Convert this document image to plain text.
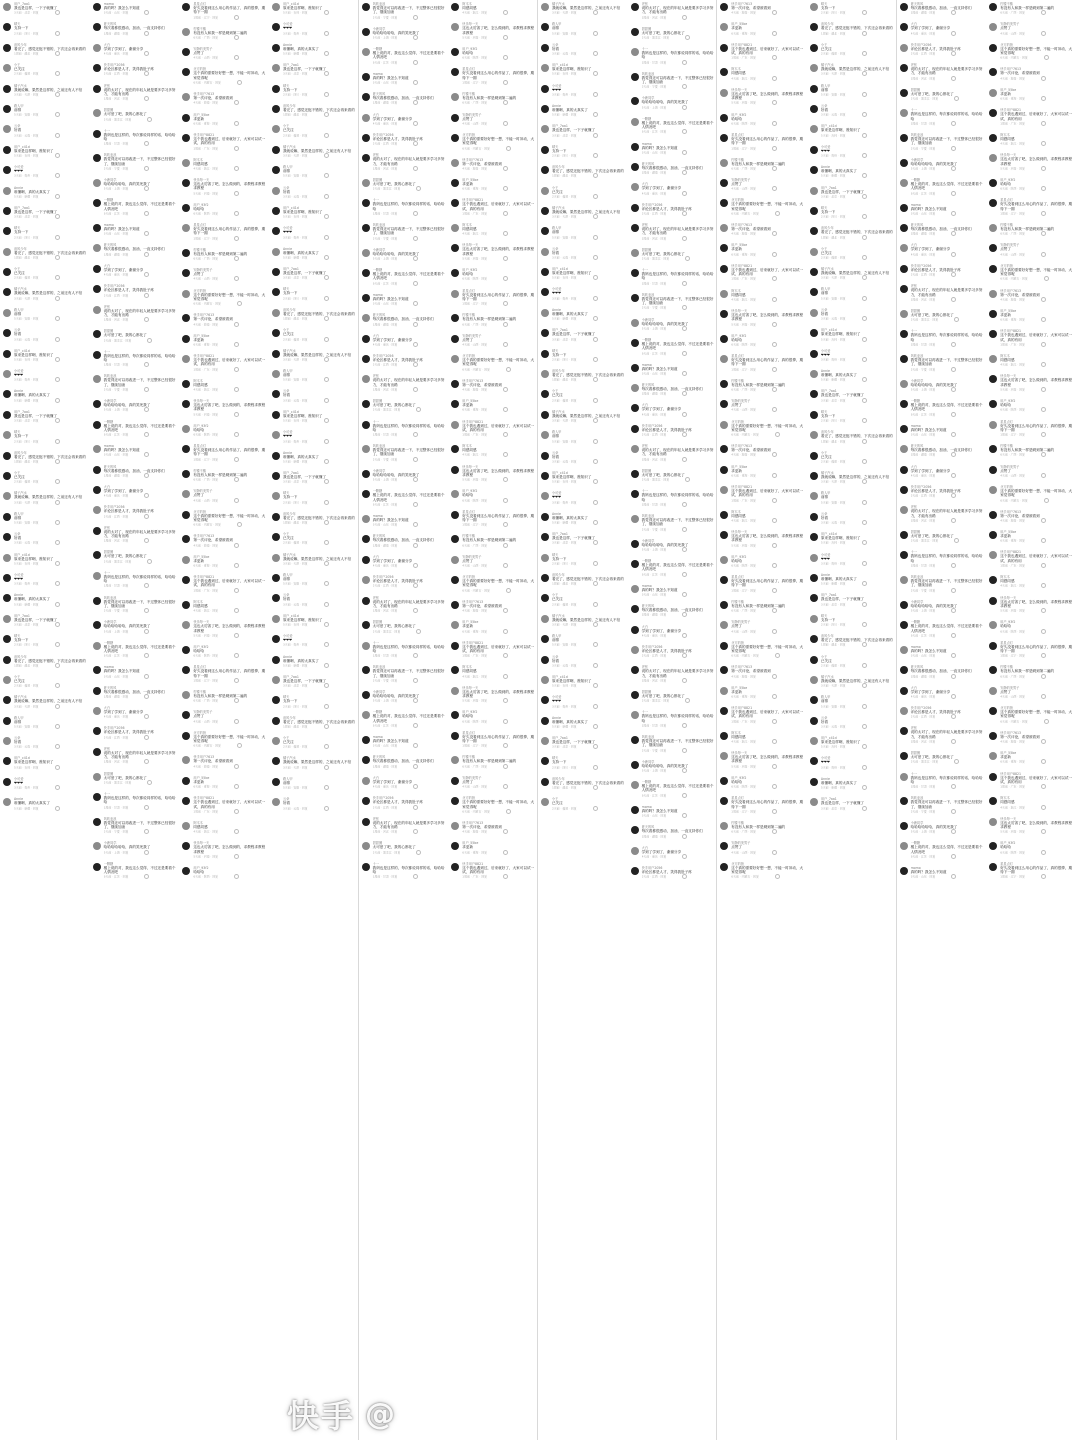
用户_7aa1
我也是这样，一下子就懂了
3天前 · 北京 · 回复
晴天
支持一下
2天前 · 四川 · 回复
追风少年
看完了，感觉还挺不错的，下次还会再来看的
1周前 · 湖北 · 回复
小王
已关注
2天前 · 福建 · 回复
橘子汽水
我就说嘛，果然是这样的，之前还有人不信
3天前 · 天津 · 回复
路人甲
前排
5天前 · 安徽 · 回复
云朵
好看
3天前 · 云南 · 回复
用户_c41d
原来是这样啊，涨知识了
5天前 · 吉林 · 回复
小可爱
❤❤❤
3天前 · 贵州 · 回复
Annie
谁懂啊，真的太真实了
5天前 · 新疆 · 回复
用户_7aa1
我也是这样，一下子就懂了
3天前 · 北京 · 回复
晴天
支持一下
2天前 · 四川 · 回复
追风少年
看完了，感觉还挺不错的，下次还会再来看的
1周前 · 湖北 · 回复
小王
已关注
2天前 · 福建 · 回复
橘子汽水
我就说嘛，果然是这样的，之前还有人不信
3天前 · 天津 · 回复
路人甲
前排
5天前 · 安徽 · 回复
云朵
好看
3天前 · 云南 · 回复
用户_c41d
原来是这样啊，涨知识了
5天前 · 吉林 · 回复
小可爱
❤❤❤
3天前 · 贵州 · 回复
Annie
谁懂啊，真的太真实了
5天前 · 新疆 · 回复
用户_7aa1
我也是这样，一下子就懂了
3天前 · 北京 · 回复
晴天
支持一下
2天前 · 四川 · 回复
追风少年
看完了，感觉还挺不错的，下次还会再来看的
1周前 · 湖北 · 回复
小王
已关注
2天前 · 福建 · 回复
橘子汽水
我就说嘛，果然是这样的，之前还有人不信
3天前 · 天津 · 回复
路人甲
前排
5天前 · 安徽 · 回复
云朵
好看
3天前 · 云南 · 回复
用户_c41d
原来是这样啊，涨知识了
5天前 · 吉林 · 回复
小可爱
❤❤❤
3天前 · 贵州 · 回复
Annie
谁懂啊，真的太真实了
5天前 · 新疆 · 回复
用户_7aa1
我也是这样，一下子就懂了
3天前 · 北京 · 回复
晴天
支持一下
2天前 · 四川 · 回复
追风少年
看完了，感觉还挺不错的，下次还会再来看的
1周前 · 湖北 · 回复
小王
已关注
2天前 · 福建 · 回复
橘子汽水
我就说嘛，果然是这样的，之前还有人不信
3天前 · 天津 · 回复
路人甲
前排
5天前 · 安徽 · 回复
云朵
好看
3天前 · 云南 · 回复
用户_c41d
原来是这样啊，涨知识了
5天前 · 吉林 · 回复
小可爱
❤❤❤
3天前 · 贵州 · 回复
Annie
谁懂啊，真的太真实了
5天前 · 新疆 · 回复
momo
真的吗？我怎么不知道
3天前 · 山东 · 回复
夏天的风
每次看都很感动，加油，一直支持你们
1周前 · 湖南 · 回复
大白
学到了学到了，谢谢分享
4天前 · 重庆 · 回复
快手用户2056
评论区都是人才，笑得我肚子疼
2天前 · 江西 · 回复
老张
说的太对了，现在的年轻人就是要多学习多努力，才能有出路
1周前 · 河北 · 回复
甜甜圈
太可爱了吧，我的心都化了
2天前 · 黑龙江 · 回复
十一
我妈也是这样的，每次都说同样的话，哈哈哈哈
1周前 · 甘肃 · 回复
风吹麦浪
我觉得还可以再改进一下，不过整体已经很好了，继续加油
2天前 · 宁夏 · 回复
小鹿同学
哈哈哈哈哈哈，真的笑死我了
5天前 · 上海 · 回复
一颗糖
楼上说的对，我也这么觉得，不过还是要看个人情况吧
6天前 · 江苏 · 回复
momo
真的吗？我怎么不知道
3天前 · 山东 · 回复
夏天的风
每次看都很感动，加油，一直支持你们
1周前 · 湖南 · 回复
大白
学到了学到了，谢谢分享
4天前 · 重庆 · 回复
快手用户2056
评论区都是人才，笑得我肚子疼
2天前 · 江西 · 回复
老张
说的太对了，现在的年轻人就是要多学习多努力，才能有出路
1周前 · 河北 · 回复
甜甜圈
太可爱了吧，我的心都化了
2天前 · 黑龙江 · 回复
十一
我妈也是这样的，每次都说同样的话，哈哈哈哈
1周前 · 甘肃 · 回复
风吹麦浪
我觉得还可以再改进一下，不过整体已经很好了，继续加油
2天前 · 宁夏 · 回复
小鹿同学
哈哈哈哈哈哈，真的笑死我了
5天前 · 上海 · 回复
一颗糖
楼上说的对，我也这么觉得，不过还是要看个人情况吧
6天前 · 江苏 · 回复
momo
真的吗？我怎么不知道
3天前 · 山东 · 回复
夏天的风
每次看都很感动，加油，一直支持你们
1周前 · 湖南 · 回复
大白
学到了学到了，谢谢分享
4天前 · 重庆 · 回复
快手用户2056
评论区都是人才，笑得我肚子疼
2天前 · 江西 · 回复
老张
说的太对了，现在的年轻人就是要多学习多努力，才能有出路
1周前 · 河北 · 回复
甜甜圈
太可爱了吧，我的心都化了
2天前 · 黑龙江 · 回复
十一
我妈也是这样的，每次都说同样的话，哈哈哈哈
1周前 · 甘肃 · 回复
风吹麦浪
我觉得还可以再改进一下，不过整体已经很好了，继续加油
2天前 · 宁夏 · 回复
小鹿同学
哈哈哈哈哈哈，真的笑死我了
5天前 · 上海 · 回复
一颗糖
楼上说的对，我也这么觉得，不过还是要看个人情况吧
6天前 · 江苏 · 回复
momo
真的吗？我怎么不知道
3天前 · 山东 · 回复
夏天的风
每次看都很感动，加油，一直支持你们
1周前 · 湖南 · 回复
大白
学到了学到了，谢谢分享
4天前 · 重庆 · 回复
快手用户2056
评论区都是人才，笑得我肚子疼
2天前 · 江西 · 回复
老张
说的太对了，现在的年轻人就是要多学习多努力，才能有出路
1周前 · 河北 · 回复
甜甜圈
太可爱了吧，我的心都化了
2天前 · 黑龙江 · 回复
十一
我妈也是这样的，每次都说同样的话，哈哈哈哈
1周前 · 甘肃 · 回复
风吹麦浪
我觉得还可以再改进一下，不过整体已经很好了，继续加油
2天前 · 宁夏 · 回复
小鹿同学
哈哈哈哈哈哈，真的笑死我了
5天前 · 上海 · 回复
一颗糖
楼上说的对，我也这么觉得，不过还是要看个人情况吧
6天前 · 江苏 · 回复
星星点灯
好久没看到这么用心的作品了，真的很棒，期待下一期
1周前 · 辽宁 · 回复
柠檬不酸
有没有人和我一样是刷到第二遍的
6天前 · 广西 · 回复
安静的美男子
点赞了
4天前 · 山西 · 回复
北方的狼
这个真的需要好好想一想，不能一时冲动，大家觉得呢
6天前 · 内蒙古 · 回复
快手用户7613
第一次评论，希望被看到
4天前 · 海南 · 回复
用户_55be
求更新
6天前 · 青海 · 回复
快手用户8821
这个我也遇到过，后来就好了，大家可以试一试，真的有用
1周前 · 广东 · 回复
阿木木
同感同感
4天前 · 浙江 · 回复
快乐每一天
这也太厉害了吧，怎么做到的，求教程求教程求教程
5天前 · 河南 · 回复
用户_93f2
哈哈哈
6天前 · 陕西 · 回复
星星点灯
好久没看到这么用心的作品了，真的很棒，期待下一期
1周前 · 辽宁 · 回复
柠檬不酸
有没有人和我一样是刷到第二遍的
6天前 · 广西 · 回复
安静的美男子
点赞了
4天前 · 山西 · 回复
北方的狼
这个真的需要好好想一想，不能一时冲动，大家觉得呢
6天前 · 内蒙古 · 回复
快手用户7613
第一次评论，希望被看到
4天前 · 海南 · 回复
用户_55be
求更新
6天前 · 青海 · 回复
快手用户8821
这个我也遇到过，后来就好了，大家可以试一试，真的有用
1周前 · 广东 · 回复
阿木木
同感同感
4天前 · 浙江 · 回复
快乐每一天
这也太厉害了吧，怎么做到的，求教程求教程求教程
5天前 · 河南 · 回复
用户_93f2
哈哈哈
6天前 · 陕西 · 回复
星星点灯
好久没看到这么用心的作品了，真的很棒，期待下一期
1周前 · 辽宁 · 回复
柠檬不酸
有没有人和我一样是刷到第二遍的
6天前 · 广西 · 回复
安静的美男子
点赞了
4天前 · 山西 · 回复
北方的狼
这个真的需要好好想一想，不能一时冲动，大家觉得呢
6天前 · 内蒙古 · 回复
快手用户7613
第一次评论，希望被看到
4天前 · 海南 · 回复
用户_55be
求更新
6天前 · 青海 · 回复
快手用户8821
这个我也遇到过，后来就好了，大家可以试一试，真的有用
1周前 · 广东 · 回复
阿木木
同感同感
4天前 · 浙江 · 回复
快乐每一天
这也太厉害了吧，怎么做到的，求教程求教程求教程
5天前 · 河南 · 回复
用户_93f2
哈哈哈
6天前 · 陕西 · 回复
星星点灯
好久没看到这么用心的作品了，真的很棒，期待下一期
1周前 · 辽宁 · 回复
柠檬不酸
有没有人和我一样是刷到第二遍的
6天前 · 广西 · 回复
安静的美男子
点赞了
4天前 · 山西 · 回复
北方的狼
这个真的需要好好想一想，不能一时冲动，大家觉得呢
6天前 · 内蒙古 · 回复
快手用户7613
第一次评论，希望被看到
4天前 · 海南 · 回复
用户_55be
求更新
6天前 · 青海 · 回复
快手用户8821
这个我也遇到过，后来就好了，大家可以试一试，真的有用
1周前 · 广东 · 回复
阿木木
同感同感
4天前 · 浙江 · 回复
快乐每一天
这也太厉害了吧，怎么做到的，求教程求教程求教程
5天前 · 河南 · 回复
用户_93f2
哈哈哈
6天前 · 陕西 · 回复
用户_c41d
原来是这样啊，涨知识了
5天前 · 吉林 · 回复
小可爱
❤❤❤
3天前 · 贵州 · 回复
Annie
谁懂啊，真的太真实了
5天前 · 新疆 · 回复
用户_7aa1
我也是这样，一下子就懂了
3天前 · 北京 · 回复
晴天
支持一下
2天前 · 四川 · 回复
追风少年
看完了，感觉还挺不错的，下次还会再来看的
1周前 · 湖北 · 回复
小王
已关注
2天前 · 福建 · 回复
橘子汽水
我就说嘛，果然是这样的，之前还有人不信
3天前 · 天津 · 回复
路人甲
前排
5天前 · 安徽 · 回复
云朵
好看
3天前 · 云南 · 回复
用户_c41d
原来是这样啊，涨知识了
5天前 · 吉林 · 回复
小可爱
❤❤❤
3天前 · 贵州 · 回复
Annie
谁懂啊，真的太真实了
5天前 · 新疆 · 回复
用户_7aa1
我也是这样，一下子就懂了
3天前 · 北京 · 回复
晴天
支持一下
2天前 · 四川 · 回复
追风少年
看完了，感觉还挺不错的，下次还会再来看的
1周前 · 湖北 · 回复
小王
已关注
2天前 · 福建 · 回复
橘子汽水
我就说嘛，果然是这样的，之前还有人不信
3天前 · 天津 · 回复
路人甲
前排
5天前 · 安徽 · 回复
云朵
好看
3天前 · 云南 · 回复
用户_c41d
原来是这样啊，涨知识了
5天前 · 吉林 · 回复
小可爱
❤❤❤
3天前 · 贵州 · 回复
Annie
谁懂啊，真的太真实了
5天前 · 新疆 · 回复
用户_7aa1
我也是这样，一下子就懂了
3天前 · 北京 · 回复
晴天
支持一下
2天前 · 四川 · 回复
追风少年
看完了，感觉还挺不错的，下次还会再来看的
1周前 · 湖北 · 回复
小王
已关注
2天前 · 福建 · 回复
橘子汽水
我就说嘛，果然是这样的，之前还有人不信
3天前 · 天津 · 回复
路人甲
前排
5天前 · 安徽 · 回复
云朵
好看
3天前 · 云南 · 回复
用户_c41d
原来是这样啊，涨知识了
5天前 · 吉林 · 回复
小可爱
❤❤❤
3天前 · 贵州 · 回复
Annie
谁懂啊，真的太真实了
5天前 · 新疆 · 回复
用户_7aa1
我也是这样，一下子就懂了
3天前 · 北京 · 回复
晴天
支持一下
2天前 · 四川 · 回复
追风少年
看完了，感觉还挺不错的，下次还会再来看的
1周前 · 湖北 · 回复
小王
已关注
2天前 · 福建 · 回复
橘子汽水
我就说嘛，果然是这样的，之前还有人不信
3天前 · 天津 · 回复
路人甲
前排
5天前 · 安徽 · 回复
云朵
好看
3天前 · 云南 · 回复
风吹麦浪
我觉得还可以再改进一下，不过整体已经很好了，继续加油
2天前 · 宁夏 · 回复
小鹿同学
哈哈哈哈哈哈，真的笑死我了
5天前 · 上海 · 回复
一颗糖
楼上说的对，我也这么觉得，不过还是要看个人情况吧
6天前 · 江苏 · 回复
momo
真的吗？我怎么不知道
3天前 · 山东 · 回复
夏天的风
每次看都很感动，加油，一直支持你们
1周前 · 湖南 · 回复
大白
学到了学到了，谢谢分享
4天前 · 重庆 · 回复
快手用户2056
评论区都是人才，笑得我肚子疼
2天前 · 江西 · 回复
老张
说的太对了，现在的年轻人就是要多学习多努力，才能有出路
1周前 · 河北 · 回复
甜甜圈
太可爱了吧，我的心都化了
2天前 · 黑龙江 · 回复
十一
我妈也是这样的，每次都说同样的话，哈哈哈哈
1周前 · 甘肃 · 回复
风吹麦浪
我觉得还可以再改进一下，不过整体已经很好了，继续加油
2天前 · 宁夏 · 回复
小鹿同学
哈哈哈哈哈哈，真的笑死我了
5天前 · 上海 · 回复
一颗糖
楼上说的对，我也这么觉得，不过还是要看个人情况吧
6天前 · 江苏 · 回复
momo
真的吗？我怎么不知道
3天前 · 山东 · 回复
夏天的风
每次看都很感动，加油，一直支持你们
1周前 · 湖南 · 回复
大白
学到了学到了，谢谢分享
4天前 · 重庆 · 回复
快手用户2056
评论区都是人才，笑得我肚子疼
2天前 · 江西 · 回复
老张
说的太对了，现在的年轻人就是要多学习多努力，才能有出路
1周前 · 河北 · 回复
甜甜圈
太可爱了吧，我的心都化了
2天前 · 黑龙江 · 回复
十一
我妈也是这样的，每次都说同样的话，哈哈哈哈
1周前 · 甘肃 · 回复
风吹麦浪
我觉得还可以再改进一下，不过整体已经很好了，继续加油
2天前 · 宁夏 · 回复
小鹿同学
哈哈哈哈哈哈，真的笑死我了
5天前 · 上海 · 回复
一颗糖
楼上说的对，我也这么觉得，不过还是要看个人情况吧
6天前 · 江苏 · 回复
momo
真的吗？我怎么不知道
3天前 · 山东 · 回复
夏天的风
每次看都很感动，加油，一直支持你们
1周前 · 湖南 · 回复
大白
学到了学到了，谢谢分享
4天前 · 重庆 · 回复
快手用户2056
评论区都是人才，笑得我肚子疼
2天前 · 江西 · 回复
老张
说的太对了，现在的年轻人就是要多学习多努力，才能有出路
1周前 · 河北 · 回复
甜甜圈
太可爱了吧，我的心都化了
2天前 · 黑龙江 · 回复
十一
我妈也是这样的，每次都说同样的话，哈哈哈哈
1周前 · 甘肃 · 回复
风吹麦浪
我觉得还可以再改进一下，不过整体已经很好了，继续加油
2天前 · 宁夏 · 回复
小鹿同学
哈哈哈哈哈哈，真的笑死我了
5天前 · 上海 · 回复
一颗糖
楼上说的对，我也这么觉得，不过还是要看个人情况吧
6天前 · 江苏 · 回复
momo
真的吗？我怎么不知道
3天前 · 山东 · 回复
夏天的风
每次看都很感动，加油，一直支持你们
1周前 · 湖南 · 回复
大白
学到了学到了，谢谢分享
4天前 · 重庆 · 回复
快手用户2056
评论区都是人才，笑得我肚子疼
2天前 · 江西 · 回复
老张
说的太对了，现在的年轻人就是要多学习多努力，才能有出路
1周前 · 河北 · 回复
甜甜圈
太可爱了吧，我的心都化了
2天前 · 黑龙江 · 回复
十一
我妈也是这样的，每次都说同样的话，哈哈哈哈
1周前 · 甘肃 · 回复
阿木木
同感同感
4天前 · 浙江 · 回复
快乐每一天
这也太厉害了吧，怎么做到的，求教程求教程求教程
5天前 · 河南 · 回复
用户_93f2
哈哈哈
6天前 · 陕西 · 回复
星星点灯
好久没看到这么用心的作品了，真的很棒，期待下一期
1周前 · 辽宁 · 回复
柠檬不酸
有没有人和我一样是刷到第二遍的
6天前 · 广西 · 回复
安静的美男子
点赞了
4天前 · 山西 · 回复
北方的狼
这个真的需要好好想一想，不能一时冲动，大家觉得呢
6天前 · 内蒙古 · 回复
快手用户7613
第一次评论，希望被看到
4天前 · 海南 · 回复
用户_55be
求更新
6天前 · 青海 · 回复
快手用户8821
这个我也遇到过，后来就好了，大家可以试一试，真的有用
1周前 · 广东 · 回复
阿木木
同感同感
4天前 · 浙江 · 回复
快乐每一天
这也太厉害了吧，怎么做到的，求教程求教程求教程
5天前 · 河南 · 回复
用户_93f2
哈哈哈
6天前 · 陕西 · 回复
星星点灯
好久没看到这么用心的作品了，真的很棒，期待下一期
1周前 · 辽宁 · 回复
柠檬不酸
有没有人和我一样是刷到第二遍的
6天前 · 广西 · 回复
安静的美男子
点赞了
4天前 · 山西 · 回复
北方的狼
这个真的需要好好想一想，不能一时冲动，大家觉得呢
6天前 · 内蒙古 · 回复
快手用户7613
第一次评论，希望被看到
4天前 · 海南 · 回复
用户_55be
求更新
6天前 · 青海 · 回复
快手用户8821
这个我也遇到过，后来就好了，大家可以试一试，真的有用
1周前 · 广东 · 回复
阿木木
同感同感
4天前 · 浙江 · 回复
快乐每一天
这也太厉害了吧，怎么做到的，求教程求教程求教程
5天前 · 河南 · 回复
用户_93f2
哈哈哈
6天前 · 陕西 · 回复
星星点灯
好久没看到这么用心的作品了，真的很棒，期待下一期
1周前 · 辽宁 · 回复
柠檬不酸
有没有人和我一样是刷到第二遍的
6天前 · 广西 · 回复
安静的美男子
点赞了
4天前 · 山西 · 回复
北方的狼
这个真的需要好好想一想，不能一时冲动，大家觉得呢
6天前 · 内蒙古 · 回复
快手用户7613
第一次评论，希望被看到
4天前 · 海南 · 回复
用户_55be
求更新
6天前 · 青海 · 回复
快手用户8821
这个我也遇到过，后来就好了，大家可以试一试，真的有用
1周前 · 广东 · 回复
阿木木
同感同感
4天前 · 浙江 · 回复
快乐每一天
这也太厉害了吧，怎么做到的，求教程求教程求教程
5天前 · 河南 · 回复
用户_93f2
哈哈哈
6天前 · 陕西 · 回复
星星点灯
好久没看到这么用心的作品了，真的很棒，期待下一期
1周前 · 辽宁 · 回复
柠檬不酸
有没有人和我一样是刷到第二遍的
6天前 · 广西 · 回复
安静的美男子
点赞了
4天前 · 山西 · 回复
北方的狼
这个真的需要好好想一想，不能一时冲动，大家觉得呢
6天前 · 内蒙古 · 回复
快手用户7613
第一次评论，希望被看到
4天前 · 海南 · 回复
用户_55be
求更新
6天前 · 青海 · 回复
快手用户8821
这个我也遇到过，后来就好了，大家可以试一试，真的有用
1周前 · 广东 · 回复
橘子汽水
我就说嘛，果然是这样的，之前还有人不信
3天前 · 天津 · 回复
路人甲
前排
5天前 · 安徽 · 回复
云朵
好看
3天前 · 云南 · 回复
用户_c41d
原来是这样啊，涨知识了
5天前 · 吉林 · 回复
小可爱
❤❤❤
3天前 · 贵州 · 回复
Annie
谁懂啊，真的太真实了
5天前 · 新疆 · 回复
用户_7aa1
我也是这样，一下子就懂了
3天前 · 北京 · 回复
晴天
支持一下
2天前 · 四川 · 回复
追风少年
看完了，感觉还挺不错的，下次还会再来看的
1周前 · 湖北 · 回复
小王
已关注
2天前 · 福建 · 回复
橘子汽水
我就说嘛，果然是这样的，之前还有人不信
3天前 · 天津 · 回复
路人甲
前排
5天前 · 安徽 · 回复
云朵
好看
3天前 · 云南 · 回复
用户_c41d
原来是这样啊，涨知识了
5天前 · 吉林 · 回复
小可爱
❤❤❤
3天前 · 贵州 · 回复
Annie
谁懂啊，真的太真实了
5天前 · 新疆 · 回复
用户_7aa1
我也是这样，一下子就懂了
3天前 · 北京 · 回复
晴天
支持一下
2天前 · 四川 · 回复
追风少年
看完了，感觉还挺不错的，下次还会再来看的
1周前 · 湖北 · 回复
小王
已关注
2天前 · 福建 · 回复
橘子汽水
我就说嘛，果然是这样的，之前还有人不信
3天前 · 天津 · 回复
路人甲
前排
5天前 · 安徽 · 回复
云朵
好看
3天前 · 云南 · 回复
用户_c41d
原来是这样啊，涨知识了
5天前 · 吉林 · 回复
小可爱
❤❤❤
3天前 · 贵州 · 回复
Annie
谁懂啊，真的太真实了
5天前 · 新疆 · 回复
用户_7aa1
我也是这样，一下子就懂了
3天前 · 北京 · 回复
晴天
支持一下
2天前 · 四川 · 回复
追风少年
看完了，感觉还挺不错的，下次还会再来看的
1周前 · 湖北 · 回复
小王
已关注
2天前 · 福建 · 回复
橘子汽水
我就说嘛，果然是这样的，之前还有人不信
3天前 · 天津 · 回复
路人甲
前排
5天前 · 安徽 · 回复
云朵
好看
3天前 · 云南 · 回复
用户_c41d
原来是这样啊，涨知识了
5天前 · 吉林 · 回复
小可爱
❤❤❤
3天前 · 贵州 · 回复
Annie
谁懂啊，真的太真实了
5天前 · 新疆 · 回复
用户_7aa1
我也是这样，一下子就懂了
3天前 · 北京 · 回复
晴天
支持一下
2天前 · 四川 · 回复
追风少年
看完了，感觉还挺不错的，下次还会再来看的
1周前 · 湖北 · 回复
小王
已关注
2天前 · 福建 · 回复
老张
说的太对了，现在的年轻人就是要多学习多努力，才能有出路
1周前 · 河北 · 回复
甜甜圈
太可爱了吧，我的心都化了
2天前 · 黑龙江 · 回复
十一
我妈也是这样的，每次都说同样的话，哈哈哈哈
1周前 · 甘肃 · 回复
风吹麦浪
我觉得还可以再改进一下，不过整体已经很好了，继续加油
2天前 · 宁夏 · 回复
小鹿同学
哈哈哈哈哈哈，真的笑死我了
5天前 · 上海 · 回复
一颗糖
楼上说的对，我也这么觉得，不过还是要看个人情况吧
6天前 · 江苏 · 回复
momo
真的吗？我怎么不知道
3天前 · 山东 · 回复
夏天的风
每次看都很感动，加油，一直支持你们
1周前 · 湖南 · 回复
大白
学到了学到了，谢谢分享
4天前 · 重庆 · 回复
快手用户2056
评论区都是人才，笑得我肚子疼
2天前 · 江西 · 回复
老张
说的太对了，现在的年轻人就是要多学习多努力，才能有出路
1周前 · 河北 · 回复
甜甜圈
太可爱了吧，我的心都化了
2天前 · 黑龙江 · 回复
十一
我妈也是这样的，每次都说同样的话，哈哈哈哈
1周前 · 甘肃 · 回复
风吹麦浪
我觉得还可以再改进一下，不过整体已经很好了，继续加油
2天前 · 宁夏 · 回复
小鹿同学
哈哈哈哈哈哈，真的笑死我了
5天前 · 上海 · 回复
一颗糖
楼上说的对，我也这么觉得，不过还是要看个人情况吧
6天前 · 江苏 · 回复
momo
真的吗？我怎么不知道
3天前 · 山东 · 回复
夏天的风
每次看都很感动，加油，一直支持你们
1周前 · 湖南 · 回复
大白
学到了学到了，谢谢分享
4天前 · 重庆 · 回复
快手用户2056
评论区都是人才，笑得我肚子疼
2天前 · 江西 · 回复
老张
说的太对了，现在的年轻人就是要多学习多努力，才能有出路
1周前 · 河北 · 回复
甜甜圈
太可爱了吧，我的心都化了
2天前 · 黑龙江 · 回复
十一
我妈也是这样的，每次都说同样的话，哈哈哈哈
1周前 · 甘肃 · 回复
风吹麦浪
我觉得还可以再改进一下，不过整体已经很好了，继续加油
2天前 · 宁夏 · 回复
小鹿同学
哈哈哈哈哈哈，真的笑死我了
5天前 · 上海 · 回复
一颗糖
楼上说的对，我也这么觉得，不过还是要看个人情况吧
6天前 · 江苏 · 回复
momo
真的吗？我怎么不知道
3天前 · 山东 · 回复
夏天的风
每次看都很感动，加油，一直支持你们
1周前 · 湖南 · 回复
大白
学到了学到了，谢谢分享
4天前 · 重庆 · 回复
快手用户2056
评论区都是人才，笑得我肚子疼
2天前 · 江西 · 回复
老张
说的太对了，现在的年轻人就是要多学习多努力，才能有出路
1周前 · 河北 · 回复
甜甜圈
太可爱了吧，我的心都化了
2天前 · 黑龙江 · 回复
十一
我妈也是这样的，每次都说同样的话，哈哈哈哈
1周前 · 甘肃 · 回复
风吹麦浪
我觉得还可以再改进一下，不过整体已经很好了，继续加油
2天前 · 宁夏 · 回复
小鹿同学
哈哈哈哈哈哈，真的笑死我了
5天前 · 上海 · 回复
一颗糖
楼上说的对，我也这么觉得，不过还是要看个人情况吧
6天前 · 江苏 · 回复
momo
真的吗？我怎么不知道
3天前 · 山东 · 回复
夏天的风
每次看都很感动，加油，一直支持你们
1周前 · 湖南 · 回复
大白
学到了学到了，谢谢分享
4天前 · 重庆 · 回复
快手用户2056
评论区都是人才，笑得我肚子疼
2天前 · 江西 · 回复
快手用户7613
第一次评论，希望被看到
4天前 · 海南 · 回复
用户_55be
求更新
6天前 · 青海 · 回复
快手用户8821
这个我也遇到过，后来就好了，大家可以试一试，真的有用
1周前 · 广东 · 回复
阿木木
同感同感
4天前 · 浙江 · 回复
快乐每一天
这也太厉害了吧，怎么做到的，求教程求教程求教程
5天前 · 河南 · 回复
用户_93f2
哈哈哈
6天前 · 陕西 · 回复
星星点灯
好久没看到这么用心的作品了，真的很棒，期待下一期
1周前 · 辽宁 · 回复
柠檬不酸
有没有人和我一样是刷到第二遍的
6天前 · 广西 · 回复
安静的美男子
点赞了
4天前 · 山西 · 回复
北方的狼
这个真的需要好好想一想，不能一时冲动，大家觉得呢
6天前 · 内蒙古 · 回复
快手用户7613
第一次评论，希望被看到
4天前 · 海南 · 回复
用户_55be
求更新
6天前 · 青海 · 回复
快手用户8821
这个我也遇到过，后来就好了，大家可以试一试，真的有用
1周前 · 广东 · 回复
阿木木
同感同感
4天前 · 浙江 · 回复
快乐每一天
这也太厉害了吧，怎么做到的，求教程求教程求教程
5天前 · 河南 · 回复
用户_93f2
哈哈哈
6天前 · 陕西 · 回复
星星点灯
好久没看到这么用心的作品了，真的很棒，期待下一期
1周前 · 辽宁 · 回复
柠檬不酸
有没有人和我一样是刷到第二遍的
6天前 · 广西 · 回复
安静的美男子
点赞了
4天前 · 山西 · 回复
北方的狼
这个真的需要好好想一想，不能一时冲动，大家觉得呢
6天前 · 内蒙古 · 回复
快手用户7613
第一次评论，希望被看到
4天前 · 海南 · 回复
用户_55be
求更新
6天前 · 青海 · 回复
快手用户8821
这个我也遇到过，后来就好了，大家可以试一试，真的有用
1周前 · 广东 · 回复
阿木木
同感同感
4天前 · 浙江 · 回复
快乐每一天
这也太厉害了吧，怎么做到的，求教程求教程求教程
5天前 · 河南 · 回复
用户_93f2
哈哈哈
6天前 · 陕西 · 回复
星星点灯
好久没看到这么用心的作品了，真的很棒，期待下一期
1周前 · 辽宁 · 回复
柠檬不酸
有没有人和我一样是刷到第二遍的
6天前 · 广西 · 回复
安静的美男子
点赞了
4天前 · 山西 · 回复
北方的狼
这个真的需要好好想一想，不能一时冲动，大家觉得呢
6天前 · 内蒙古 · 回复
快手用户7613
第一次评论，希望被看到
4天前 · 海南 · 回复
用户_55be
求更新
6天前 · 青海 · 回复
快手用户8821
这个我也遇到过，后来就好了，大家可以试一试，真的有用
1周前 · 广东 · 回复
阿木木
同感同感
4天前 · 浙江 · 回复
快乐每一天
这也太厉害了吧，怎么做到的，求教程求教程求教程
5天前 · 河南 · 回复
用户_93f2
哈哈哈
6天前 · 陕西 · 回复
星星点灯
好久没看到这么用心的作品了，真的很棒，期待下一期
1周前 · 辽宁 · 回复
柠檬不酸
有没有人和我一样是刷到第二遍的
6天前 · 广西 · 回复
安静的美男子
点赞了
4天前 · 山西 · 回复
北方的狼
这个真的需要好好想一想，不能一时冲动，大家觉得呢
6天前 · 内蒙古 · 回复
晴天
支持一下
2天前 · 四川 · 回复
追风少年
看完了，感觉还挺不错的，下次还会再来看的
1周前 · 湖北 · 回复
小王
已关注
2天前 · 福建 · 回复
橘子汽水
我就说嘛，果然是这样的，之前还有人不信
3天前 · 天津 · 回复
路人甲
前排
5天前 · 安徽 · 回复
云朵
好看
3天前 · 云南 · 回复
用户_c41d
原来是这样啊，涨知识了
5天前 · 吉林 · 回复
小可爱
❤❤❤
3天前 · 贵州 · 回复
Annie
谁懂啊，真的太真实了
5天前 · 新疆 · 回复
用户_7aa1
我也是这样，一下子就懂了
3天前 · 北京 · 回复
晴天
支持一下
2天前 · 四川 · 回复
追风少年
看完了，感觉还挺不错的，下次还会再来看的
1周前 · 湖北 · 回复
小王
已关注
2天前 · 福建 · 回复
橘子汽水
我就说嘛，果然是这样的，之前还有人不信
3天前 · 天津 · 回复
路人甲
前排
5天前 · 安徽 · 回复
云朵
好看
3天前 · 云南 · 回复
用户_c41d
原来是这样啊，涨知识了
5天前 · 吉林 · 回复
小可爱
❤❤❤
3天前 · 贵州 · 回复
Annie
谁懂啊，真的太真实了
5天前 · 新疆 · 回复
用户_7aa1
我也是这样，一下子就懂了
3天前 · 北京 · 回复
晴天
支持一下
2天前 · 四川 · 回复
追风少年
看完了，感觉还挺不错的，下次还会再来看的
1周前 · 湖北 · 回复
小王
已关注
2天前 · 福建 · 回复
橘子汽水
我就说嘛，果然是这样的，之前还有人不信
3天前 · 天津 · 回复
路人甲
前排
5天前 · 安徽 · 回复
云朵
好看
3天前 · 云南 · 回复
用户_c41d
原来是这样啊，涨知识了
5天前 · 吉林 · 回复
小可爱
❤❤❤
3天前 · 贵州 · 回复
Annie
谁懂啊，真的太真实了
5天前 · 新疆 · 回复
用户_7aa1
我也是这样，一下子就懂了
3天前 · 北京 · 回复
晴天
支持一下
2天前 · 四川 · 回复
追风少年
看完了，感觉还挺不错的，下次还会再来看的
1周前 · 湖北 · 回复
小王
已关注
2天前 · 福建 · 回复
橘子汽水
我就说嘛，果然是这样的，之前还有人不信
3天前 · 天津 · 回复
路人甲
前排
5天前 · 安徽 · 回复
云朵
好看
3天前 · 云南 · 回复
用户_c41d
原来是这样啊，涨知识了
5天前 · 吉林 · 回复
小可爱
❤❤❤
3天前 · 贵州 · 回复
Annie
谁懂啊，真的太真实了
5天前 · 新疆 · 回复
用户_7aa1
我也是这样，一下子就懂了
3天前 · 北京 · 回复
夏天的风
每次看都很感动，加油，一直支持你们
1周前 · 湖南 · 回复
大白
学到了学到了，谢谢分享
4天前 · 重庆 · 回复
快手用户2056
评论区都是人才，笑得我肚子疼
2天前 · 江西 · 回复
老张
说的太对了，现在的年轻人就是要多学习多努力，才能有出路
1周前 · 河北 · 回复
甜甜圈
太可爱了吧，我的心都化了
2天前 · 黑龙江 · 回复
十一
我妈也是这样的，每次都说同样的话，哈哈哈哈
1周前 · 甘肃 · 回复
风吹麦浪
我觉得还可以再改进一下，不过整体已经很好了，继续加油
2天前 · 宁夏 · 回复
小鹿同学
哈哈哈哈哈哈，真的笑死我了
5天前 · 上海 · 回复
一颗糖
楼上说的对，我也这么觉得，不过还是要看个人情况吧
6天前 · 江苏 · 回复
momo
真的吗？我怎么不知道
3天前 · 山东 · 回复
夏天的风
每次看都很感动，加油，一直支持你们
1周前 · 湖南 · 回复
大白
学到了学到了，谢谢分享
4天前 · 重庆 · 回复
快手用户2056
评论区都是人才，笑得我肚子疼
2天前 · 江西 · 回复
老张
说的太对了，现在的年轻人就是要多学习多努力，才能有出路
1周前 · 河北 · 回复
甜甜圈
太可爱了吧，我的心都化了
2天前 · 黑龙江 · 回复
十一
我妈也是这样的，每次都说同样的话，哈哈哈哈
1周前 · 甘肃 · 回复
风吹麦浪
我觉得还可以再改进一下，不过整体已经很好了，继续加油
2天前 · 宁夏 · 回复
小鹿同学
哈哈哈哈哈哈，真的笑死我了
5天前 · 上海 · 回复
一颗糖
楼上说的对，我也这么觉得，不过还是要看个人情况吧
6天前 · 江苏 · 回复
momo
真的吗？我怎么不知道
3天前 · 山东 · 回复
夏天的风
每次看都很感动，加油，一直支持你们
1周前 · 湖南 · 回复
大白
学到了学到了，谢谢分享
4天前 · 重庆 · 回复
快手用户2056
评论区都是人才，笑得我肚子疼
2天前 · 江西 · 回复
老张
说的太对了，现在的年轻人就是要多学习多努力，才能有出路
1周前 · 河北 · 回复
甜甜圈
太可爱了吧，我的心都化了
2天前 · 黑龙江 · 回复
十一
我妈也是这样的，每次都说同样的话，哈哈哈哈
1周前 · 甘肃 · 回复
风吹麦浪
我觉得还可以再改进一下，不过整体已经很好了，继续加油
2天前 · 宁夏 · 回复
小鹿同学
哈哈哈哈哈哈，真的笑死我了
5天前 · 上海 · 回复
一颗糖
楼上说的对，我也这么觉得，不过还是要看个人情况吧
6天前 · 江苏 · 回复
momo
真的吗？我怎么不知道
3天前 · 山东 · 回复
夏天的风
每次看都很感动，加油，一直支持你们
1周前 · 湖南 · 回复
大白
学到了学到了，谢谢分享
4天前 · 重庆 · 回复
快手用户2056
评论区都是人才，笑得我肚子疼
2天前 · 江西 · 回复
老张
说的太对了，现在的年轻人就是要多学习多努力，才能有出路
1周前 · 河北 · 回复
甜甜圈
太可爱了吧，我的心都化了
2天前 · 黑龙江 · 回复
十一
我妈也是这样的，每次都说同样的话，哈哈哈哈
1周前 · 甘肃 · 回复
风吹麦浪
我觉得还可以再改进一下，不过整体已经很好了，继续加油
2天前 · 宁夏 · 回复
小鹿同学
哈哈哈哈哈哈，真的笑死我了
5天前 · 上海 · 回复
一颗糖
楼上说的对，我也这么觉得，不过还是要看个人情况吧
6天前 · 江苏 · 回复
momo
真的吗？我怎么不知道
3天前 · 山东 · 回复
柠檬不酸
有没有人和我一样是刷到第二遍的
6天前 · 广西 · 回复
安静的美男子
点赞了
4天前 · 山西 · 回复
北方的狼
这个真的需要好好想一想，不能一时冲动，大家觉得呢
6天前 · 内蒙古 · 回复
快手用户7613
第一次评论，希望被看到
4天前 · 海南 · 回复
用户_55be
求更新
6天前 · 青海 · 回复
快手用户8821
这个我也遇到过，后来就好了，大家可以试一试，真的有用
1周前 · 广东 · 回复
阿木木
同感同感
4天前 · 浙江 · 回复
快乐每一天
这也太厉害了吧，怎么做到的，求教程求教程求教程
5天前 · 河南 · 回复
用户_93f2
哈哈哈
6天前 · 陕西 · 回复
星星点灯
好久没看到这么用心的作品了，真的很棒，期待下一期
1周前 · 辽宁 · 回复
柠檬不酸
有没有人和我一样是刷到第二遍的
6天前 · 广西 · 回复
安静的美男子
点赞了
4天前 · 山西 · 回复
北方的狼
这个真的需要好好想一想，不能一时冲动，大家觉得呢
6天前 · 内蒙古 · 回复
快手用户7613
第一次评论，希望被看到
4天前 · 海南 · 回复
用户_55be
求更新
6天前 · 青海 · 回复
快手用户8821
这个我也遇到过，后来就好了，大家可以试一试，真的有用
1周前 · 广东 · 回复
阿木木
同感同感
4天前 · 浙江 · 回复
快乐每一天
这也太厉害了吧，怎么做到的，求教程求教程求教程
5天前 · 河南 · 回复
用户_93f2
哈哈哈
6天前 · 陕西 · 回复
星星点灯
好久没看到这么用心的作品了，真的很棒，期待下一期
1周前 · 辽宁 · 回复
柠檬不酸
有没有人和我一样是刷到第二遍的
6天前 · 广西 · 回复
安静的美男子
点赞了
4天前 · 山西 · 回复
北方的狼
这个真的需要好好想一想，不能一时冲动，大家觉得呢
6天前 · 内蒙古 · 回复
快手用户7613
第一次评论，希望被看到
4天前 · 海南 · 回复
用户_55be
求更新
6天前 · 青海 · 回复
快手用户8821
这个我也遇到过，后来就好了，大家可以试一试，真的有用
1周前 · 广东 · 回复
阿木木
同感同感
4天前 · 浙江 · 回复
快乐每一天
这也太厉害了吧，怎么做到的，求教程求教程求教程
5天前 · 河南 · 回复
用户_93f2
哈哈哈
6天前 · 陕西 · 回复
星星点灯
好久没看到这么用心的作品了，真的很棒，期待下一期
1周前 · 辽宁 · 回复
柠檬不酸
有没有人和我一样是刷到第二遍的
6天前 · 广西 · 回复
安静的美男子
点赞了
4天前 · 山西 · 回复
北方的狼
这个真的需要好好想一想，不能一时冲动，大家觉得呢
6天前 · 内蒙古 · 回复
快手用户7613
第一次评论，希望被看到
4天前 · 海南 · 回复
用户_55be
求更新
6天前 · 青海 · 回复
快手用户8821
这个我也遇到过，后来就好了，大家可以试一试，真的有用
1周前 · 广东 · 回复
阿木木
同感同感
4天前 · 浙江 · 回复
快乐每一天
这也太厉害了吧，怎么做到的，求教程求教程求教程
5天前 · 河南 · 回复
用户_93f2
哈哈哈
6天前 · 陕西 · 回复
星星点灯
好久没看到这么用心的作品了，真的很棒，期待下一期
1周前 · 辽宁 · 回复
快手 @
